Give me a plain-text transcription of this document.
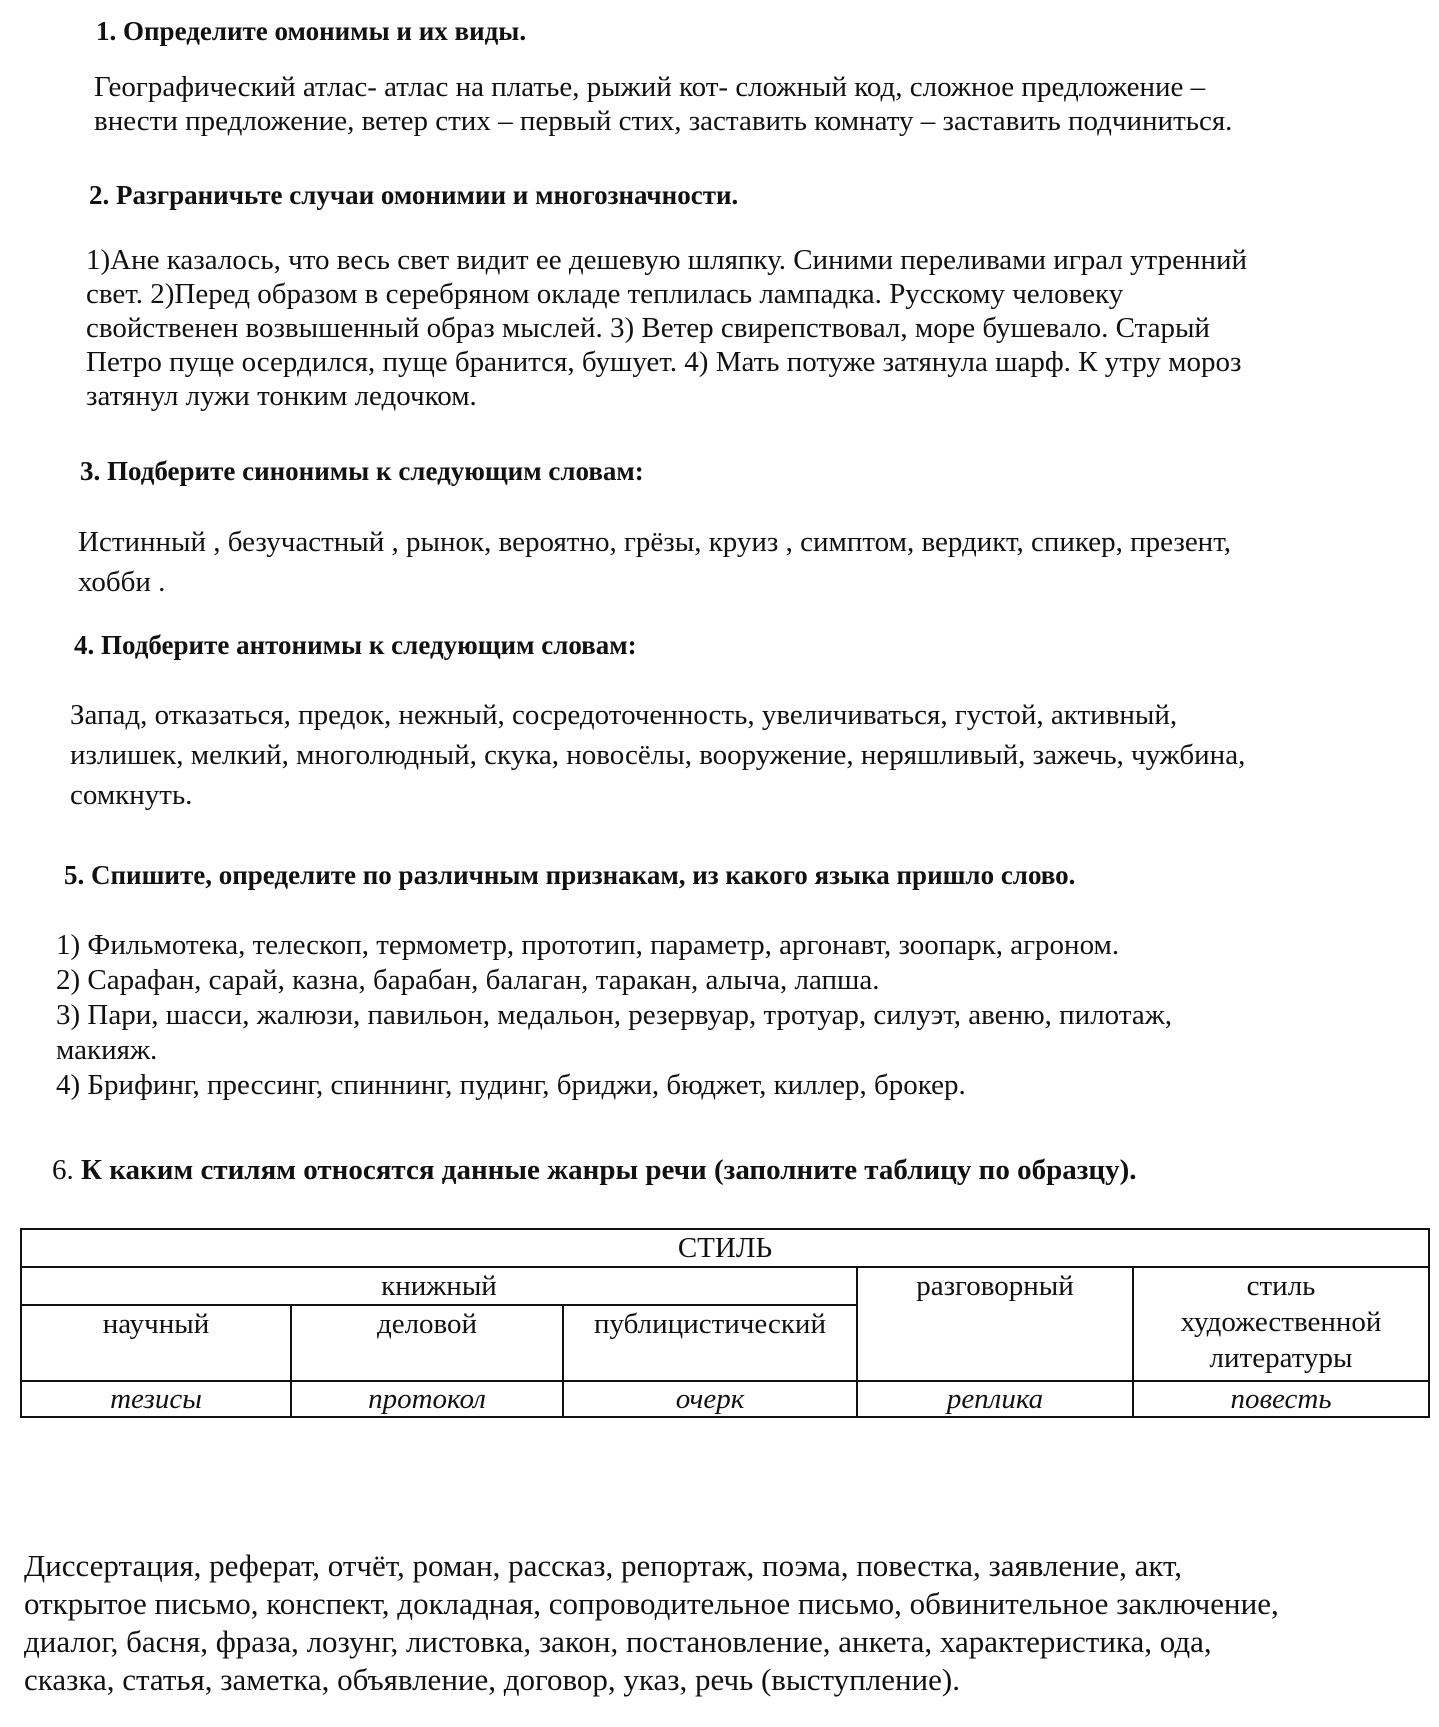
1. Определите омонимы и их виды.
Географический атлас- атлас на платье, рыжий кот- сложный код, сложное предложение –
внести предложение, ветер стих – первый стих, заставить комнату – заставить подчиниться.
2. Разграничьте случаи омонимии и многозначности.
1)Ане казалось, что весь свет видит ее дешевую шляпку. Синими переливами играл утренний
свет. 2)Перед образом в серебряном окладе теплилась лампадка. Русскому человеку
свойственен возвышенный образ мыслей. 3) Ветер свирепствовал, море бушевало. Старый
Петро пуще осердился, пуще бранится, бушует. 4) Мать потуже затянула шарф. К утру мороз
затянул лужи тонким ледочком.
3. Подберите синонимы к следующим словам:
Истинный , безучастный , рынок, вероятно, грёзы, круиз , симптом, вердикт, спикер, презент,
хобби .
4. Подберите антонимы к следующим словам:
Запад, отказаться, предок, нежный, сосредоточенность, увеличиваться, густой, активный,
излишек, мелкий, многолюдный, скука, новосёлы, вооружение, неряшливый, зажечь, чужбина,
сомкнуть.
5. Спишите, определите по различным признакам, из какого языка пришло слово.
1) Фильмотека, телескоп, термометр, прототип, параметр, аргонавт, зоопарк, агроном.
2) Сарафан, сарай, казна, барабан, балаган, таракан, алыча, лапша.
3) Пари, шасси, жалюзи, павильон, медальон, резервуар, тротуар, силуэт, авеню, пилотаж,
макияж.
4) Брифинг, прессинг, спиннинг, пудинг, бриджи, бюджет, киллер, брокер.
6. К каким стилям относятся данные жанры речи (заполните таблицу по образцу).
СТИЛЬ				
книжный			разговорный	стиль
художественной
литературы
научный	деловой	публицистический		
тезисы	протокол	очерк	реплика	повесть
Диссертация, реферат, отчёт, роман, рассказ, репортаж, поэма, повестка, заявление, акт,
открытое письмо, конспект, докладная, сопроводительное письмо, обвинительное заключение,
диалог, басня, фраза, лозунг, листовка, закон, постановление, анкета, характеристика, ода,
сказка, статья, заметка, объявление, договор, указ, речь (выступление).
